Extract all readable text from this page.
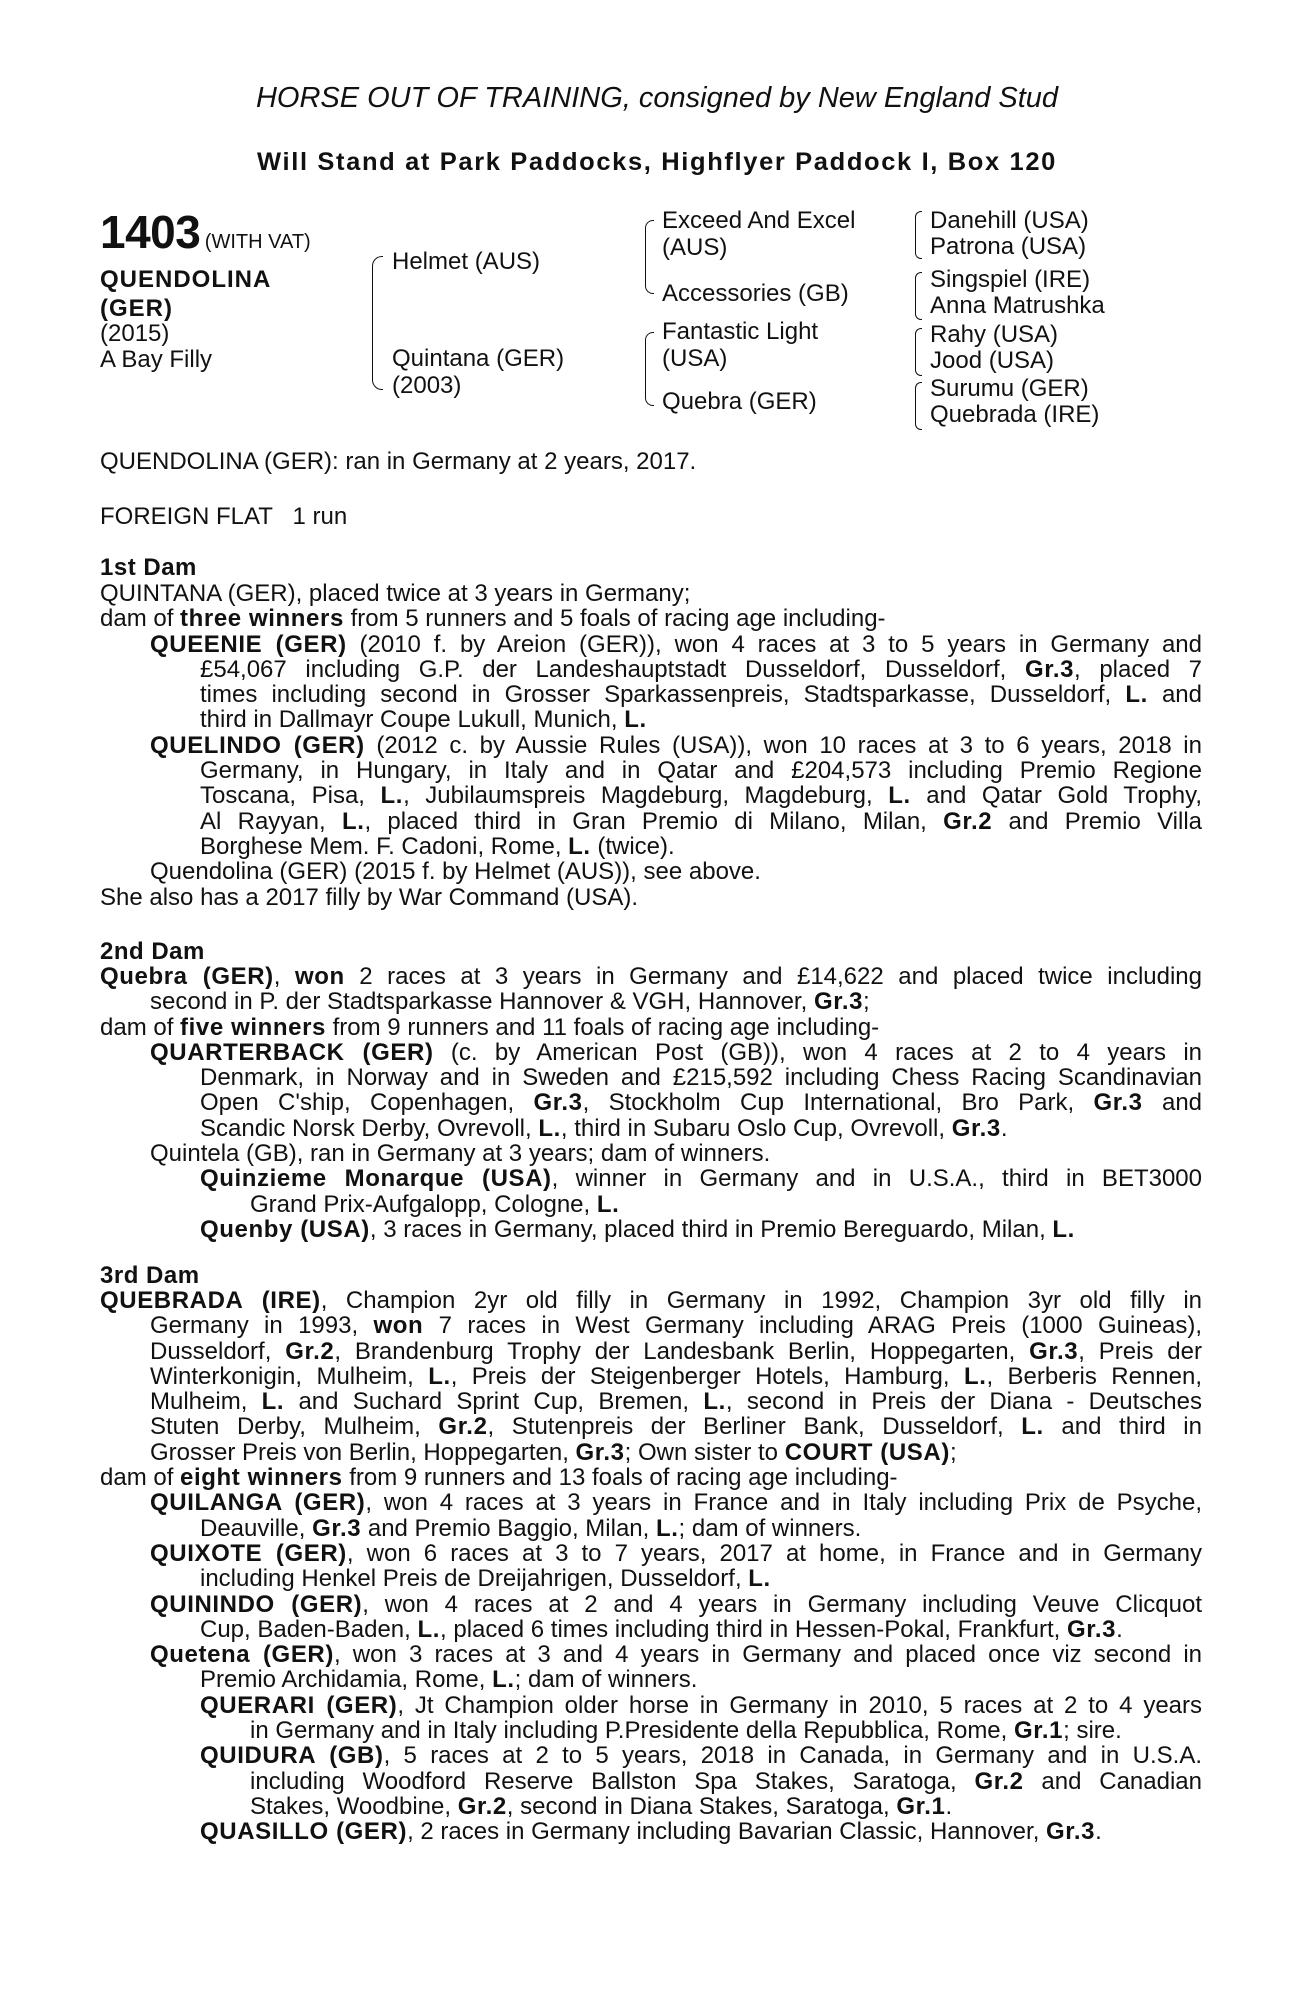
HORSE OUT OF TRAINING, consigned by New England Stud
Will Stand at Park Paddocks, Highflyer Paddock I, Box 120
1403 (WITH VAT)
QUENDOLINA
(GER)
(2015)
A Bay Filly
Helmet (AUS)
Quintana (GER)
(2003)
Exceed And Excel
(AUS)
Accessories (GB)
Fantastic Light
(USA)
Quebra (GER)
Danehill (USA)
Patrona (USA)
Singspiel (IRE)
Anna Matrushka
Rahy (USA)
Jood (USA)
Surumu (GER)
Quebrada (IRE)
QUENDOLINA (GER): ran in Germany at 2 years, 2017.
FOREIGN FLAT   1 run
1st Dam
QUINTANA (GER), placed twice at 3 years in Germany;
dam of three winners from 5 runners and 5 foals of racing age including-
QUEENIE (GER) (2010 f. by Areion (GER)), won 4 races at 3 to 5 years in Germany and
£54,067 including G.P. der Landeshauptstadt Dusseldorf, Dusseldorf, Gr.3, placed 7
times including second in Grosser Sparkassenpreis, Stadtsparkasse, Dusseldorf, L. and
third in Dallmayr Coupe Lukull, Munich, L.
QUELINDO (GER) (2012 c. by Aussie Rules (USA)), won 10 races at 3 to 6 years, 2018 in
Germany, in Hungary, in Italy and in Qatar and £204,573 including Premio Regione
Toscana, Pisa, L., Jubilaumspreis Magdeburg, Magdeburg, L. and Qatar Gold Trophy,
Al Rayyan, L., placed third in Gran Premio di Milano, Milan, Gr.2 and Premio Villa
Borghese Mem. F. Cadoni, Rome, L. (twice).
Quendolina (GER) (2015 f. by Helmet (AUS)), see above.
She also has a 2017 filly by War Command (USA).
2nd Dam
Quebra (GER), won 2 races at 3 years in Germany and £14,622 and placed twice including
second in P. der Stadtsparkasse Hannover & VGH, Hannover, Gr.3;
dam of five winners from 9 runners and 11 foals of racing age including-
QUARTERBACK (GER) (c. by American Post (GB)), won 4 races at 2 to 4 years in
Denmark, in Norway and in Sweden and £215,592 including Chess Racing Scandinavian
Open C'ship, Copenhagen, Gr.3, Stockholm Cup International, Bro Park, Gr.3 and
Scandic Norsk Derby, Ovrevoll, L., third in Subaru Oslo Cup, Ovrevoll, Gr.3.
Quintela (GB), ran in Germany at 3 years; dam of winners.
Quinzieme Monarque (USA), winner in Germany and in U.S.A., third in BET3000
Grand Prix-Aufgalopp, Cologne, L.
Quenby (USA), 3 races in Germany, placed third in Premio Bereguardo, Milan, L.
3rd Dam
QUEBRADA (IRE), Champion 2yr old filly in Germany in 1992, Champion 3yr old filly in
Germany in 1993, won 7 races in West Germany including ARAG Preis (1000 Guineas),
Dusseldorf, Gr.2, Brandenburg Trophy der Landesbank Berlin, Hoppegarten, Gr.3, Preis der
Winterkonigin, Mulheim, L., Preis der Steigenberger Hotels, Hamburg, L., Berberis Rennen,
Mulheim, L. and Suchard Sprint Cup, Bremen, L., second in Preis der Diana - Deutsches
Stuten Derby, Mulheim, Gr.2, Stutenpreis der Berliner Bank, Dusseldorf, L. and third in
Grosser Preis von Berlin, Hoppegarten, Gr.3; Own sister to COURT (USA);
dam of eight winners from 9 runners and 13 foals of racing age including-
QUILANGA (GER), won 4 races at 3 years in France and in Italy including Prix de Psyche,
Deauville, Gr.3 and Premio Baggio, Milan, L.; dam of winners.
QUIXOTE (GER), won 6 races at 3 to 7 years, 2017 at home, in France and in Germany
including Henkel Preis de Dreijahrigen, Dusseldorf, L.
QUININDO (GER), won 4 races at 2 and 4 years in Germany including Veuve Clicquot
Cup, Baden-Baden, L., placed 6 times including third in Hessen-Pokal, Frankfurt, Gr.3.
Quetena (GER), won 3 races at 3 and 4 years in Germany and placed once viz second in
Premio Archidamia, Rome, L.; dam of winners.
QUERARI (GER), Jt Champion older horse in Germany in 2010, 5 races at 2 to 4 years
in Germany and in Italy including P.Presidente della Repubblica, Rome, Gr.1; sire.
QUIDURA (GB), 5 races at 2 to 5 years, 2018 in Canada, in Germany and in U.S.A.
including Woodford Reserve Ballston Spa Stakes, Saratoga, Gr.2 and Canadian
Stakes, Woodbine, Gr.2, second in Diana Stakes, Saratoga, Gr.1.
QUASILLO (GER), 2 races in Germany including Bavarian Classic, Hannover, Gr.3.
